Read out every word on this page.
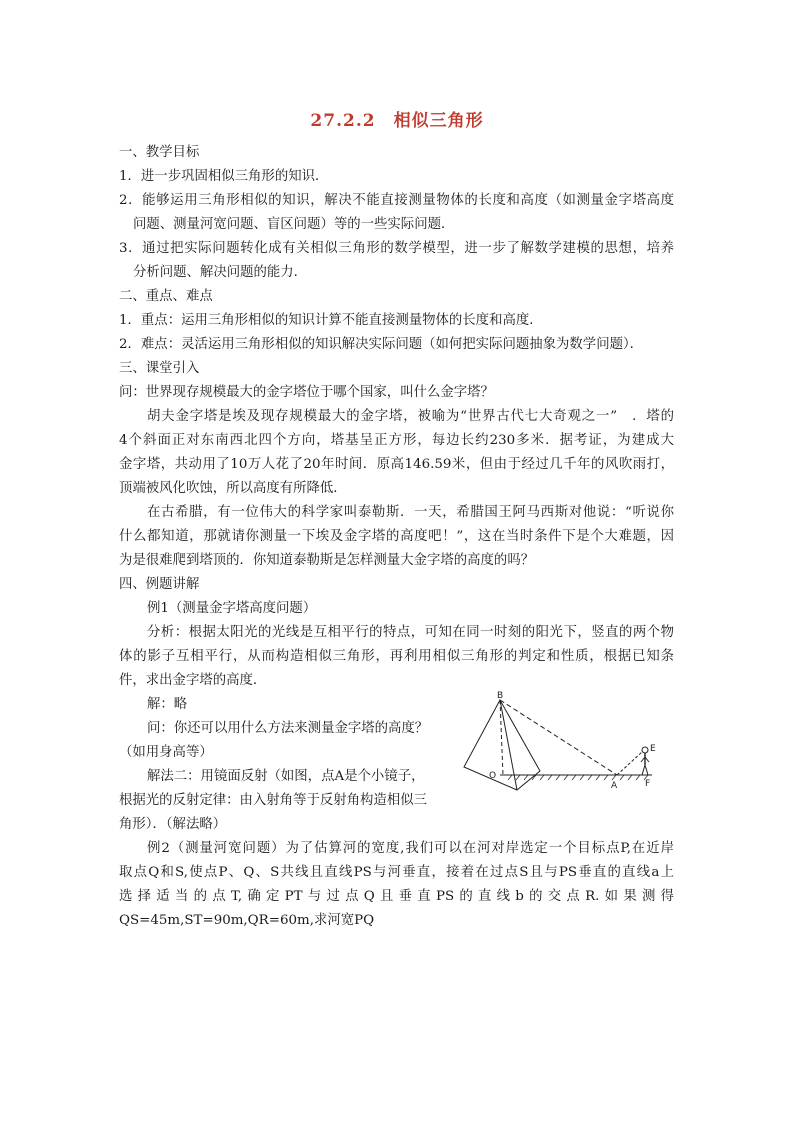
27.2.2　相似三角形
一、教学目标
1．进一步巩固相似三角形的知识．
2．能够运用三角形相似的知识，解决不能直接测量物体的长度和高度（如测量金字塔高度
问题、测量河宽问题、盲区问题）等的一些实际问题．
3．通过把实际问题转化成有关相似三角形的数学模型，进一步了解数学建模的思想，培养
分析问题、解决问题的能力．
二、重点、难点
1．重点：运用三角形相似的知识计算不能直接测量物体的长度和高度．
2．难点：灵活运用三角形相似的知识解决实际问题（如何把实际问题抽象为数学问题）．
三、课堂引入
问：世界现存规模最大的金字塔位于哪个国家，叫什么金字塔？
胡夫金字塔是埃及现存规模最大的金字塔，被喻为“世界古代七大奇观之一”　．塔的
4个斜面正对东南西北四个方向，塔基呈正方形，每边长约230多米．据考证，为建成大
金字塔，共动用了10万人花了20年时间．原高146.59米，但由于经过几千年的风吹雨打，
顶端被风化吹蚀，所以高度有所降低．
在古希腊，有一位伟大的科学家叫泰勒斯．一天，希腊国王阿马西斯对他说：“听说你
什么都知道，那就请你测量一下埃及金字塔的高度吧！”，这在当时条件下是个大难题，因
为是很难爬到塔顶的．你知道泰勒斯是怎样测量大金字塔的高度的吗？
四、例题讲解
例1（测量金字塔高度问题）
分析：根据太阳光的光线是互相平行的特点，可知在同一时刻的阳光下，竖直的两个物
体的影子互相平行，从而构造相似三角形，再利用相似三角形的判定和性质，根据已知条
件，求出金字塔的高度．
解：略
问：你还可以用什么方法来测量金字塔的高度？
（如用身高等）
解法二：用镜面反射（如图，点A是个小镜子，
根据光的反射定律：由入射角等于反射角构造相似三
角形）．（解法略）
例2（测量河宽问题）为了估算河的宽度,我们可以在河对岸选定一个目标点P,在近岸
取点Q和S,使点P、Q、S共线且直线PS与河垂直，接着在过点S且与PS垂直的直线a上
选择适当的点T,确定PT与过点Q且垂直PS的直线b的交点R.如果测得
QS=45m,ST=90m,QR=60m,求河宽PQ
B
O
A
E
F
